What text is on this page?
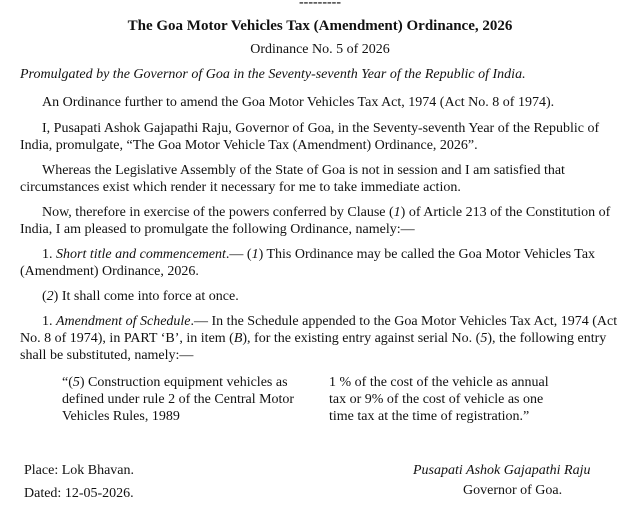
---------
The Goa Motor Vehicles Tax (Amendment) Ordinance, 2026
Ordinance No. 5 of 2026
Promulgated by the Governor of Goa in the Seventy-seventh Year of the Republic of India.
An Ordinance further to amend the Goa Motor Vehicles Tax Act, 1974 (Act No. 8 of 1974).
I, Pusapati Ashok Gajapathi Raju, Governor of Goa, in the Seventy-seventh Year of the Republic of
India, promulgate, “The Goa Motor Vehicle Tax (Amendment) Ordinance, 2026”.
Whereas the Legislative Assembly of the State of Goa is not in session and I am satisfied that
circumstances exist which render it necessary for me to take immediate action.
Now, therefore in exercise of the powers conferred by Clause (1) of Article 213 of the Constitution of
India, I am pleased to promulgate the following Ordinance, namely:—
1. Short title and commencement.— (1) This Ordinance may be called the Goa Motor Vehicles Tax
(Amendment) Ordinance, 2026.
(2) It shall come into force at once.
1. Amendment of Schedule.— In the Schedule appended to the Goa Motor Vehicles Tax Act, 1974 (Act
No. 8 of 1974), in PART ‘B’, in item (B), for the existing entry against serial No. (5), the following entry
shall be substituted, namely:—
“(5) Construction equipment vehicles as
defined under rule 2 of the Central Motor
Vehicles Rules, 1989
1 % of the cost of the vehicle as annual
tax or 9% of the cost of vehicle as one
time tax at the time of registration.”
Place: Lok Bhavan.
Dated: 12-05-2026.
Pusapati Ashok Gajapathi Raju
Governor of Goa.
